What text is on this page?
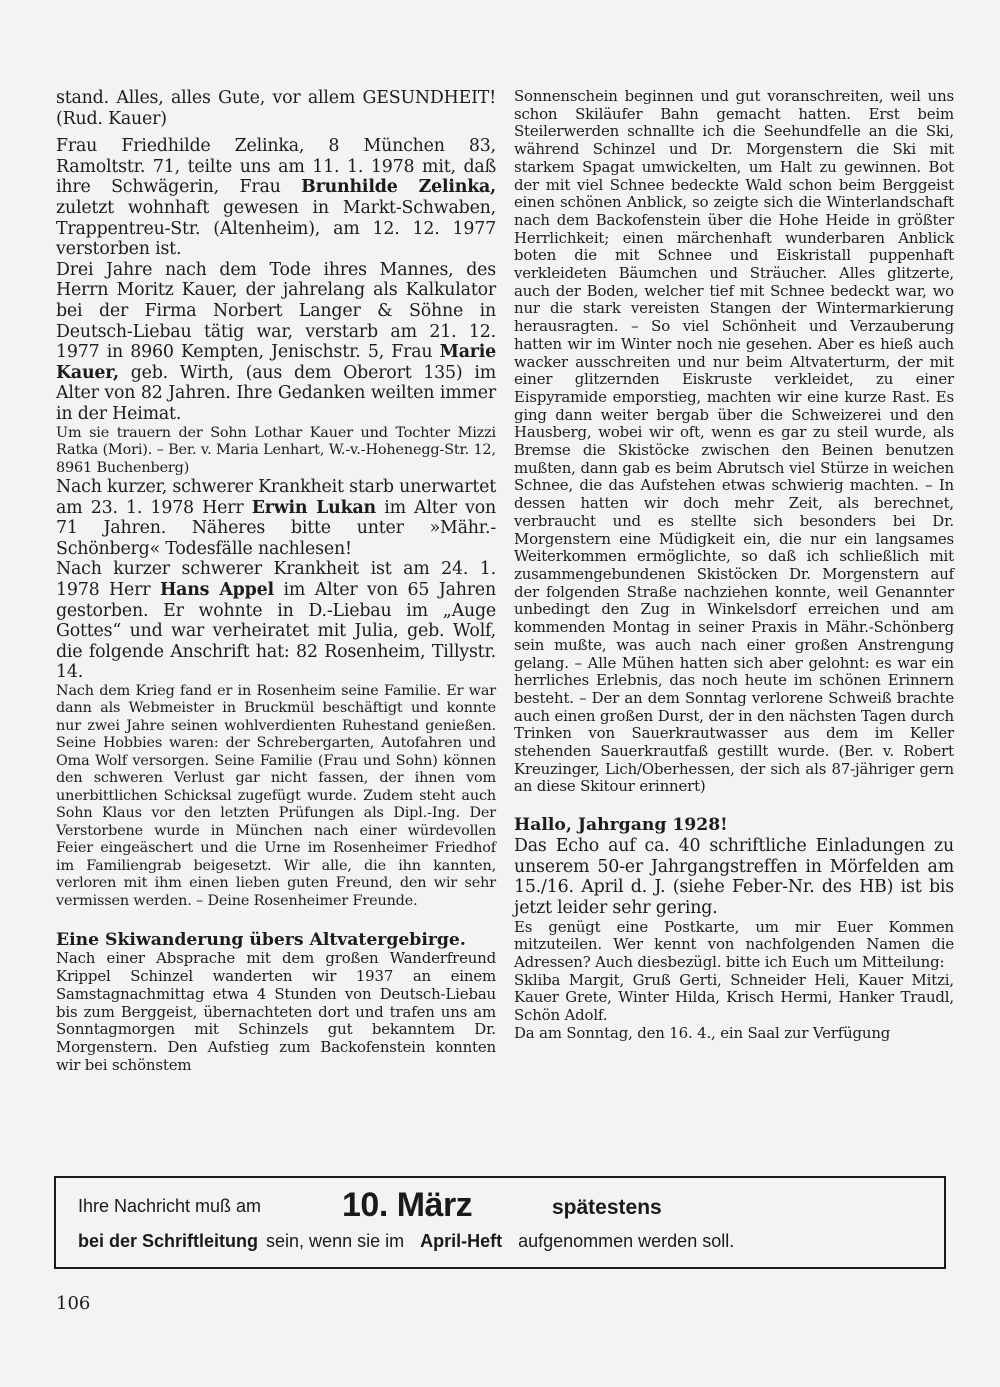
stand. Alles, alles Gute, vor allem GESUNDHEIT! (Rud. Kauer)

Frau Friedhilde Zelinka, 8 München 83, Ramoltstr. 71, teilte uns am 11. 1. 1978 mit, daß ihre Schwägerin, Frau Brunhilde Zelinka, zuletzt wohnhaft gewesen in Markt-Schwaben, Trappentreu-Str. (Altenheim), am 12. 12. 1977 verstorben ist.

Drei Jahre nach dem Tode ihres Mannes, des Herrn Moritz Kauer, der jahrelang als Kalkulator bei der Firma Norbert Langer & Söhne in Deutsch-Liebau tätig war, verstarb am 21. 12. 1977 in 8960 Kempten, Jenischstr. 5, Frau Marie Kauer, geb. Wirth, (aus dem Oberort 135) im Alter von 82 Jahren. Ihre Gedanken weilten immer in der Heimat.

Um sie trauern der Sohn Lothar Kauer und Tochter Mizzi Ratka (Mori). – Ber. v. Maria Lenhart, W.-v.-Hohenegg-Str. 12, 8961 Buchenberg)

Nach kurzer, schwerer Krankheit starb unerwartet am 23. 1. 1978 Herr Erwin Lukan im Alter von 71 Jahren. Näheres bitte unter »Mähr.-Schönberg« Todesfälle nachlesen!

Nach kurzer schwerer Krankheit ist am 24. 1. 1978 Herr Hans Appel im Alter von 65 Jahren gestorben. Er wohnte in D.-Liebau im „Auge Gottes“ und war verheiratet mit Julia, geb. Wolf, die folgende Anschrift hat: 82 Rosenheim, Tillystr. 14.

Nach dem Krieg fand er in Rosenheim seine Familie. Er war dann als Webmeister in Bruckmül beschäftigt und konnte nur zwei Jahre seinen wohlverdienten Ruhestand genießen. Seine Hobbies waren: der Schrebergarten, Autofahren und Oma Wolf versorgen. Seine Familie (Frau und Sohn) können den schweren Verlust gar nicht fassen, der ihnen vom unerbittlichen Schicksal zugefügt wurde. Zudem steht auch Sohn Klaus vor den letzten Prüfungen als Dipl.-Ing. Der Verstorbene wurde in München nach einer würdevollen Feier eingeäschert und die Urne im Rosenheimer Friedhof im Familiengrab beigesetzt. Wir alle, die ihn kannten, verloren mit ihm einen lieben guten Freund, den wir sehr vermissen werden. – Deine Rosenheimer Freunde.

Eine Skiwanderung übers Altvatergebirge.

Nach einer Absprache mit dem großen Wanderfreund Krippel Schinzel wanderten wir 1937 an einem Samstagnachmittag etwa 4 Stunden von Deutsch-Liebau bis zum Berggeist, übernachteten dort und trafen uns am Sonntagmorgen mit Schinzels gut bekanntem Dr. Morgenstern. Den Aufstieg zum Backofenstein konnten wir bei schönstem

Sonnenschein beginnen und gut voranschreiten, weil uns schon Skiläufer Bahn gemacht hatten. Erst beim Steilerwerden schnallte ich die Seehundfelle an die Ski, während Schinzel und Dr. Morgenstern die Ski mit starkem Spagat umwickelten, um Halt zu gewinnen. Bot der mit viel Schnee bedeckte Wald schon beim Berggeist einen schönen Anblick, so zeigte sich die Winterlandschaft nach dem Backofenstein über die Hohe Heide in größter Herrlichkeit; einen märchenhaft wunderbaren Anblick boten die mit Schnee und Eiskristall puppenhaft verkleideten Bäumchen und Sträucher. Alles glitzerte, auch der Boden, welcher tief mit Schnee bedeckt war, wo nur die stark vereisten Stangen der Wintermarkierung herausragten. – So viel Schönheit und Verzauberung hatten wir im Winter noch nie gesehen. Aber es hieß auch wacker ausschreiten und nur beim Altvaterturm, der mit einer glitzernden Eiskruste verkleidet, zu einer Eispyramide emporstieg, machten wir eine kurze Rast. Es ging dann weiter bergab über die Schweizerei und den Hausberg, wobei wir oft, wenn es gar zu steil wurde, als Bremse die Skistöcke zwischen den Beinen benutzen mußten, dann gab es beim Abrutsch viel Stürze in weichen Schnee, die das Aufstehen etwas schwierig machten. – In dessen hatten wir doch mehr Zeit, als berechnet, verbraucht und es stellte sich besonders bei Dr. Morgenstern eine Müdigkeit ein, die nur ein langsames Weiterkommen ermöglichte, so daß ich schließlich mit zusammengebundenen Skistöcken Dr. Morgenstern auf der folgenden Straße nachziehen konnte, weil Genannter unbedingt den Zug in Winkelsdorf erreichen und am kommenden Montag in seiner Praxis in Mähr.-Schönberg sein mußte, was auch nach einer großen Anstrengung gelang. – Alle Mühen hatten sich aber gelohnt: es war ein herrliches Erlebnis, das noch heute im schönen Erinnern besteht. – Der an dem Sonntag verlorene Schweiß brachte auch einen großen Durst, der in den nächsten Tagen durch Trinken von Sauerkrautwasser aus dem im Keller stehenden Sauerkrautfaß gestillt wurde. (Ber. v. Robert Kreuzinger, Lich/Oberhessen, der sich als 87-jähriger gern an diese Skitour erinnert)

Hallo, Jahrgang 1928!

Das Echo auf ca. 40 schriftliche Einladungen zu unserem 50-er Jahrgangstreffen in Mörfelden am 15./16. April d. J. (siehe Feber-Nr. des HB) ist bis jetzt leider sehr gering.

Es genügt eine Postkarte, um mir Euer Kommen mitzuteilen. Wer kennt von nachfolgenden Namen die Adressen? Auch diesbezügl. bitte ich Euch um Mitteilung:

Skliba Margit, Gruß Gerti, Schneider Heli, Kauer Mitzi, Kauer Grete, Winter Hilda, Krisch Hermi, Hanker Traudl, Schön Adolf.

Da am Sonntag, den 16. 4., ein Saal zur Verfügung

Ihre Nachricht muß am 10. März	spätestens
bei der Schriftleitung sein, wenn sie im April-Heft aufgenommen werden soll.
106
